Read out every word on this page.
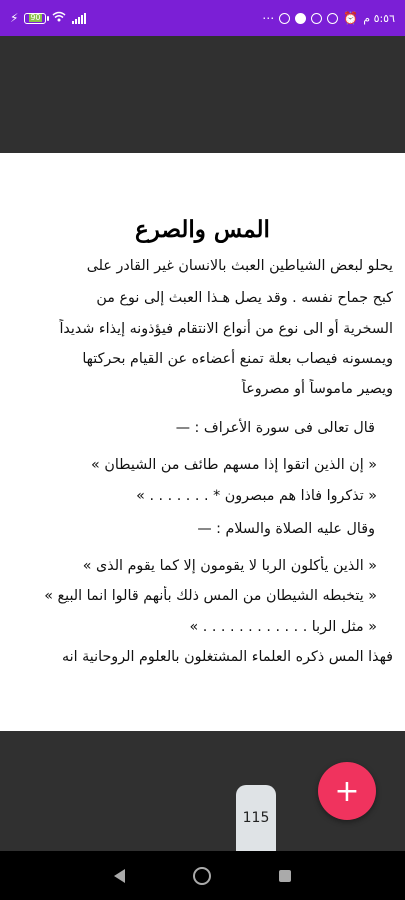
⚡ 90	⋯	⏰ ٥:٥٦ م
المس والصرع
يحلو لبعض الشياطين العبث بالانسان غير القادر على
كبح جماح نفسه . وقد يصل هـذا العبث إلى نوع من
السخرية أو الى نوع من أنواع الانتقام فيؤذونه إيذاء شديداً
ويمسونه فيصاب بعلة تمنع أعضاءه عن القيام بحركتها
ويصير ماموساً أو مصروعاً
قال تعالى فى سورة الأعراف : —
« إن الذين اتقوا إذا مسهم طائف من الشيطان »
« تذكروا فاذا هم مبصرون * . . . . . . . »
وقال عليه الصلاة والسلام : —
« الذين يأكلون الربا لا يقومون إلا كما يقوم الذى »
« يتخبطه الشيطان من المس ذلك بأنهم قالوا انما البيع »
« مثل الربا . . . . . . . . . . . . »
فهذا المس ذكره العلماء المشتغلون بالعلوم الروحانية انه
115
+
